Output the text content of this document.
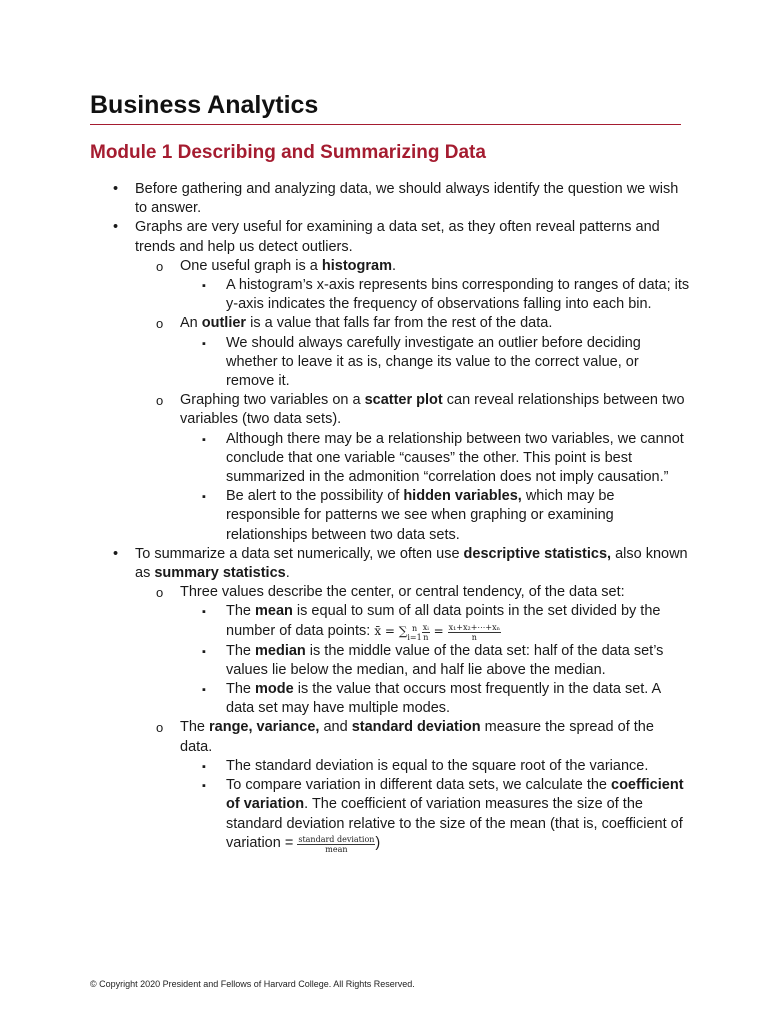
Business Analytics
Module 1 Describing and Summarizing Data
• Before gathering and analyzing data, we should always identify the question we wish to answer.
• Graphs are very useful for examining a data set, as they often reveal patterns and trends and help us detect outliers.
o One useful graph is a histogram.
▪ A histogram’s x-axis represents bins corresponding to ranges of data; its y-axis indicates the frequency of observations falling into each bin.
o An outlier is a value that falls far from the rest of the data.
▪ We should always carefully investigate an outlier before deciding whether to leave it as is, change its value to the correct value, or remove it.
o Graphing two variables on a scatter plot can reveal relationships between two variables (two data sets).
▪ Although there may be a relationship between two variables, we cannot conclude that one variable “causes” the other. This point is best summarized in the admonition “correlation does not imply causation.”
▪ Be alert to the possibility of hidden variables, which may be responsible for patterns we see when graphing or examining relationships between two data sets.
• To summarize a data set numerically, we often use descriptive statistics, also known as summary statistics.
o Three values describe the center, or central tendency, of the data set:
▪ The mean is equal to sum of all data points in the set divided by the number of data points: x̄ = ∑ n
$i=1 \frac{\text{xᵢ}}{n} = \frac{\text{x₁+x₂+⋯+xₙ}}{n}$
▪ The median is the middle value of the data set: half of the data set’s values lie below the median, and half lie above the median.
▪ The mode is the value that occurs most frequently in the data set. A data set may have multiple modes.
o The range, variance, and standard deviation measure the spread of the data.
▪ The standard deviation is equal to the square root of the variance.
▪ To compare variation in different data sets, we calculate the coefficient of variation. The coefficient of variation measures the size of the standard deviation relative to the size of the mean (that is, coefficient of variation = $\frac{\text{standard deviation}}{\text{mean}}$ )
© Copyright 2020 President and Fellows of Harvard College. All Rights Reserved.
